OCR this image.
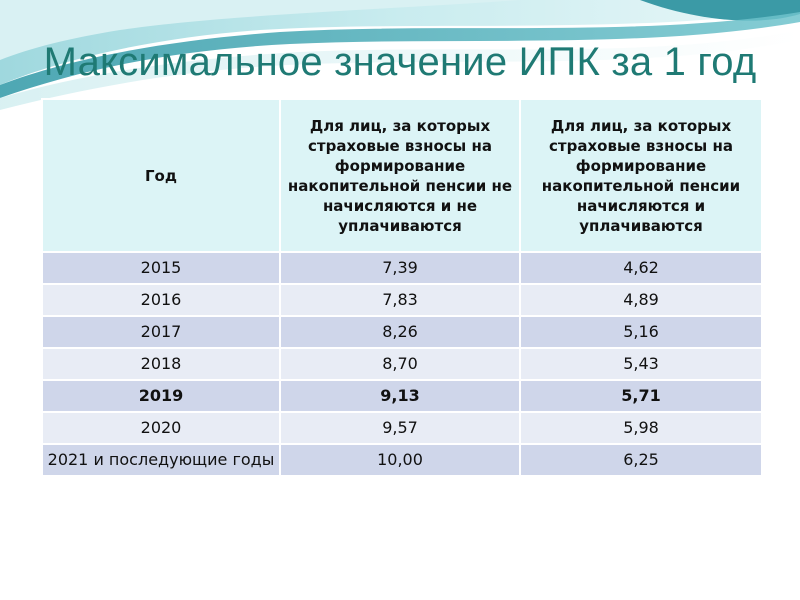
Максимальное значение ИПК за 1 год
Год	Для лиц, за которых страховые взносы на формирование накопительной пенсии не начисляются и не уплачиваются	Для лиц, за которых страховые взносы на формирование накопительной пенсии начисляются и уплачиваются
2015	7,39	4,62
2016	7,83	4,89
2017	8,26	5,16
2018	8,70	5,43
2019	9,13	5,71
2020	9,57	5,98
2021 и последующие годы	10,00	6,25
